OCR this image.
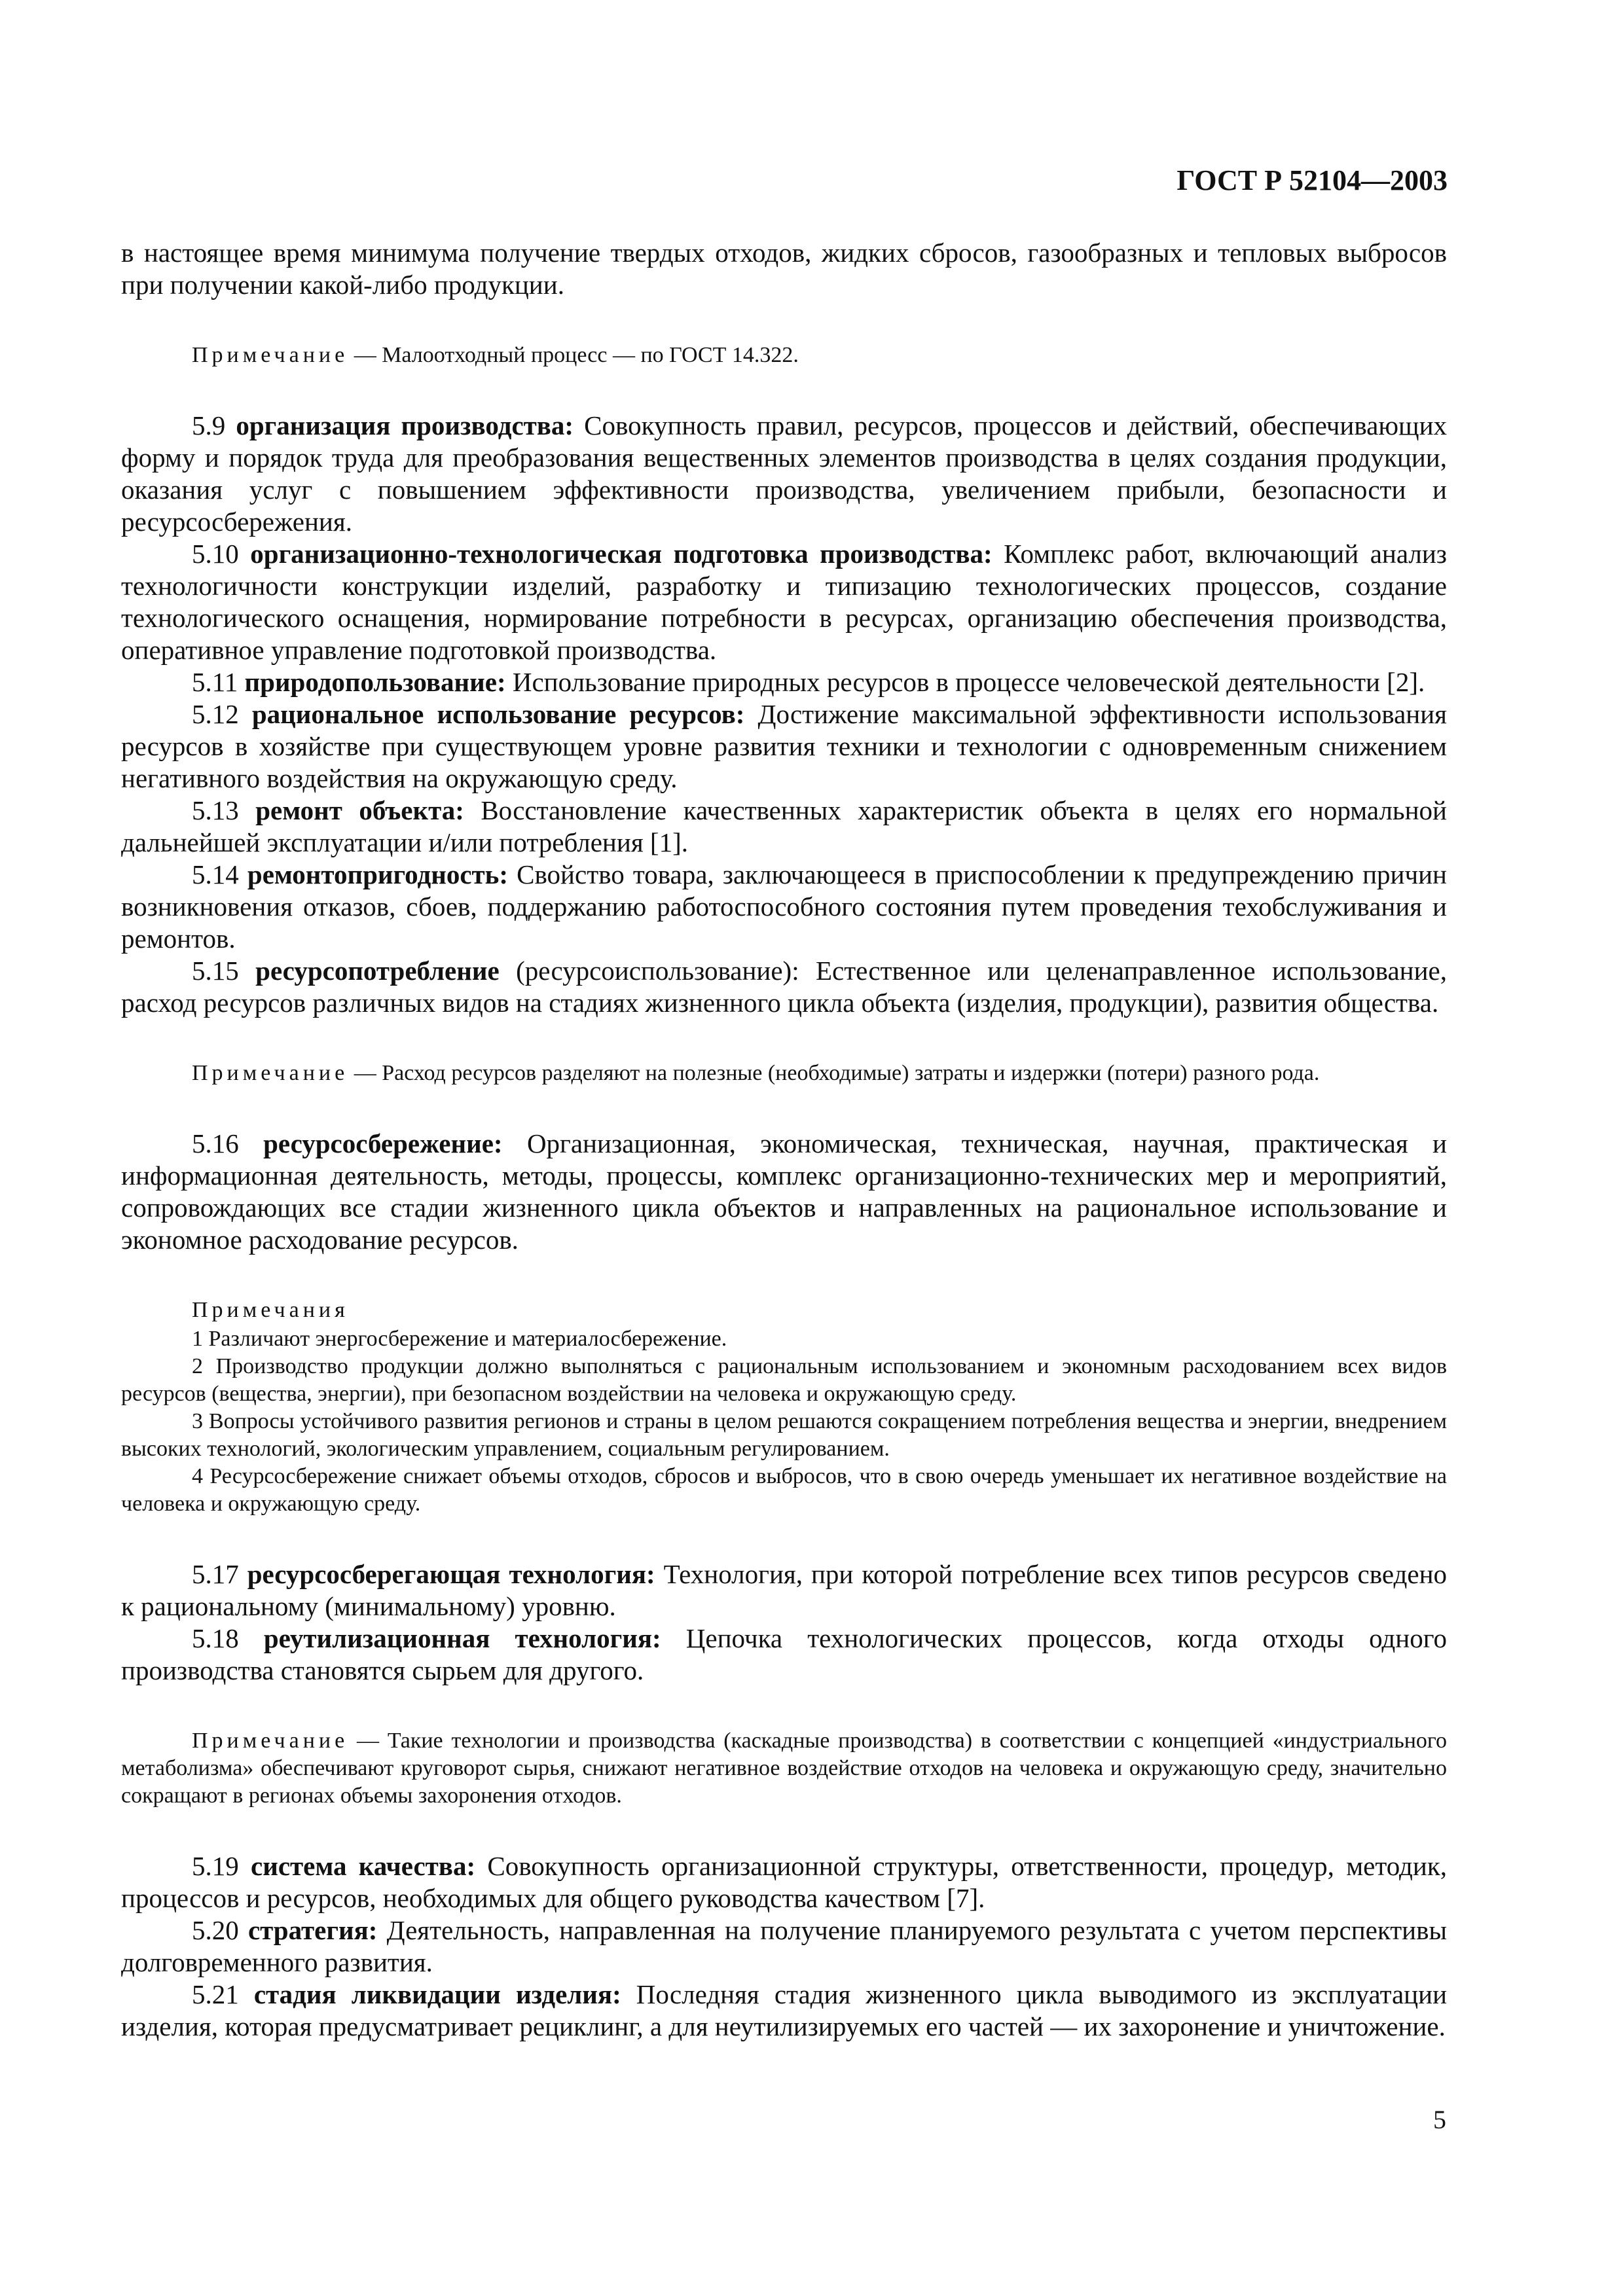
ГОСТ Р 52104—2003

в настоящее время минимума получение твердых отходов, жидких сбросов, газообразных и тепловых выбросов при получении какой-либо продукции.

Примечание — Малоотходный процесс — по ГОСТ 14.322.

5.9 организация производства: Совокупность правил, ресурсов, процессов и действий, обеспечивающих форму и порядок труда для преобразования вещественных элементов производства в целях создания продукции, оказания услуг с повышением эффективности производства, увеличением прибыли, безопасности и ресурсосбережения.

5.10 организационно-технологическая подготовка производства: Комплекс работ, включающий анализ технологичности конструкции изделий, разработку и типизацию технологических процессов, создание технологического оснащения, нормирование потребности в ресурсах, организацию обеспечения производства, оперативное управление подготовкой производства.

5.11 природопользование: Использование природных ресурсов в процессе человеческой деятельности [2].

5.12 рациональное использование ресурсов: Достижение максимальной эффективности использования ресурсов в хозяйстве при существующем уровне развития техники и технологии с одновременным снижением негативного воздействия на окружающую среду.

5.13 ремонт объекта: Восстановление качественных характеристик объекта в целях его нормальной дальнейшей эксплуатации и/или потребления [1].

5.14 ремонтопригодность: Свойство товара, заключающееся в приспособлении к предупреждению причин возникновения отказов, сбоев, поддержанию работоспособного состояния путем проведения техобслуживания и ремонтов.

5.15 ресурсопотребление (ресурсоиспользование): Естественное или целенаправленное использование, расход ресурсов различных видов на стадиях жизненного цикла объекта (изделия, продукции), развития общества.

Примечание — Расход ресурсов разделяют на полезные (необходимые) затраты и издержки (потери) разного рода.

5.16 ресурсосбережение: Организационная, экономическая, техническая, научная, практическая и информационная деятельность, методы, процессы, комплекс организационно-технических мер и мероприятий, сопровождающих все стадии жизненного цикла объектов и направленных на рациональное использование и экономное расходование ресурсов.

Примечания

1 Различают энергосбережение и материалосбережение.

2 Производство продукции должно выполняться с рациональным использованием и экономным расходованием всех видов ресурсов (вещества, энергии), при безопасном воздействии на человека и окружающую среду.

3 Вопросы устойчивого развития регионов и страны в целом решаются сокращением потребления вещества и энергии, внедрением высоких технологий, экологическим управлением, социальным регулированием.

4 Ресурсосбережение снижает объемы отходов, сбросов и выбросов, что в свою очередь уменьшает их негативное воздействие на человека и окружающую среду.

5.17 ресурсосберегающая технология: Технология, при которой потребление всех типов ресурсов сведено к рациональному (минимальному) уровню.

5.18 реутилизационная технология: Цепочка технологических процессов, когда отходы одного производства становятся сырьем для другого.

Примечание — Такие технологии и производства (каскадные производства) в соответствии с концепцией «индустриального метаболизма» обеспечивают круговорот сырья, снижают негативное воздействие отходов на человека и окружающую среду, значительно сокращают в регионах объемы захоронения отходов.

5.19 система качества: Совокупность организационной структуры, ответственности, процедур, методик, процессов и ресурсов, необходимых для общего руководства качеством [7].

5.20 стратегия: Деятельность, направленная на получение планируемого результата с учетом перспективы долговременного развития.

5.21 стадия ликвидации изделия: Последняя стадия жизненного цикла выводимого из эксплуатации изделия, которая предусматривает рециклинг, а для неутилизируемых его частей — их захоронение и уничтожение.

5
